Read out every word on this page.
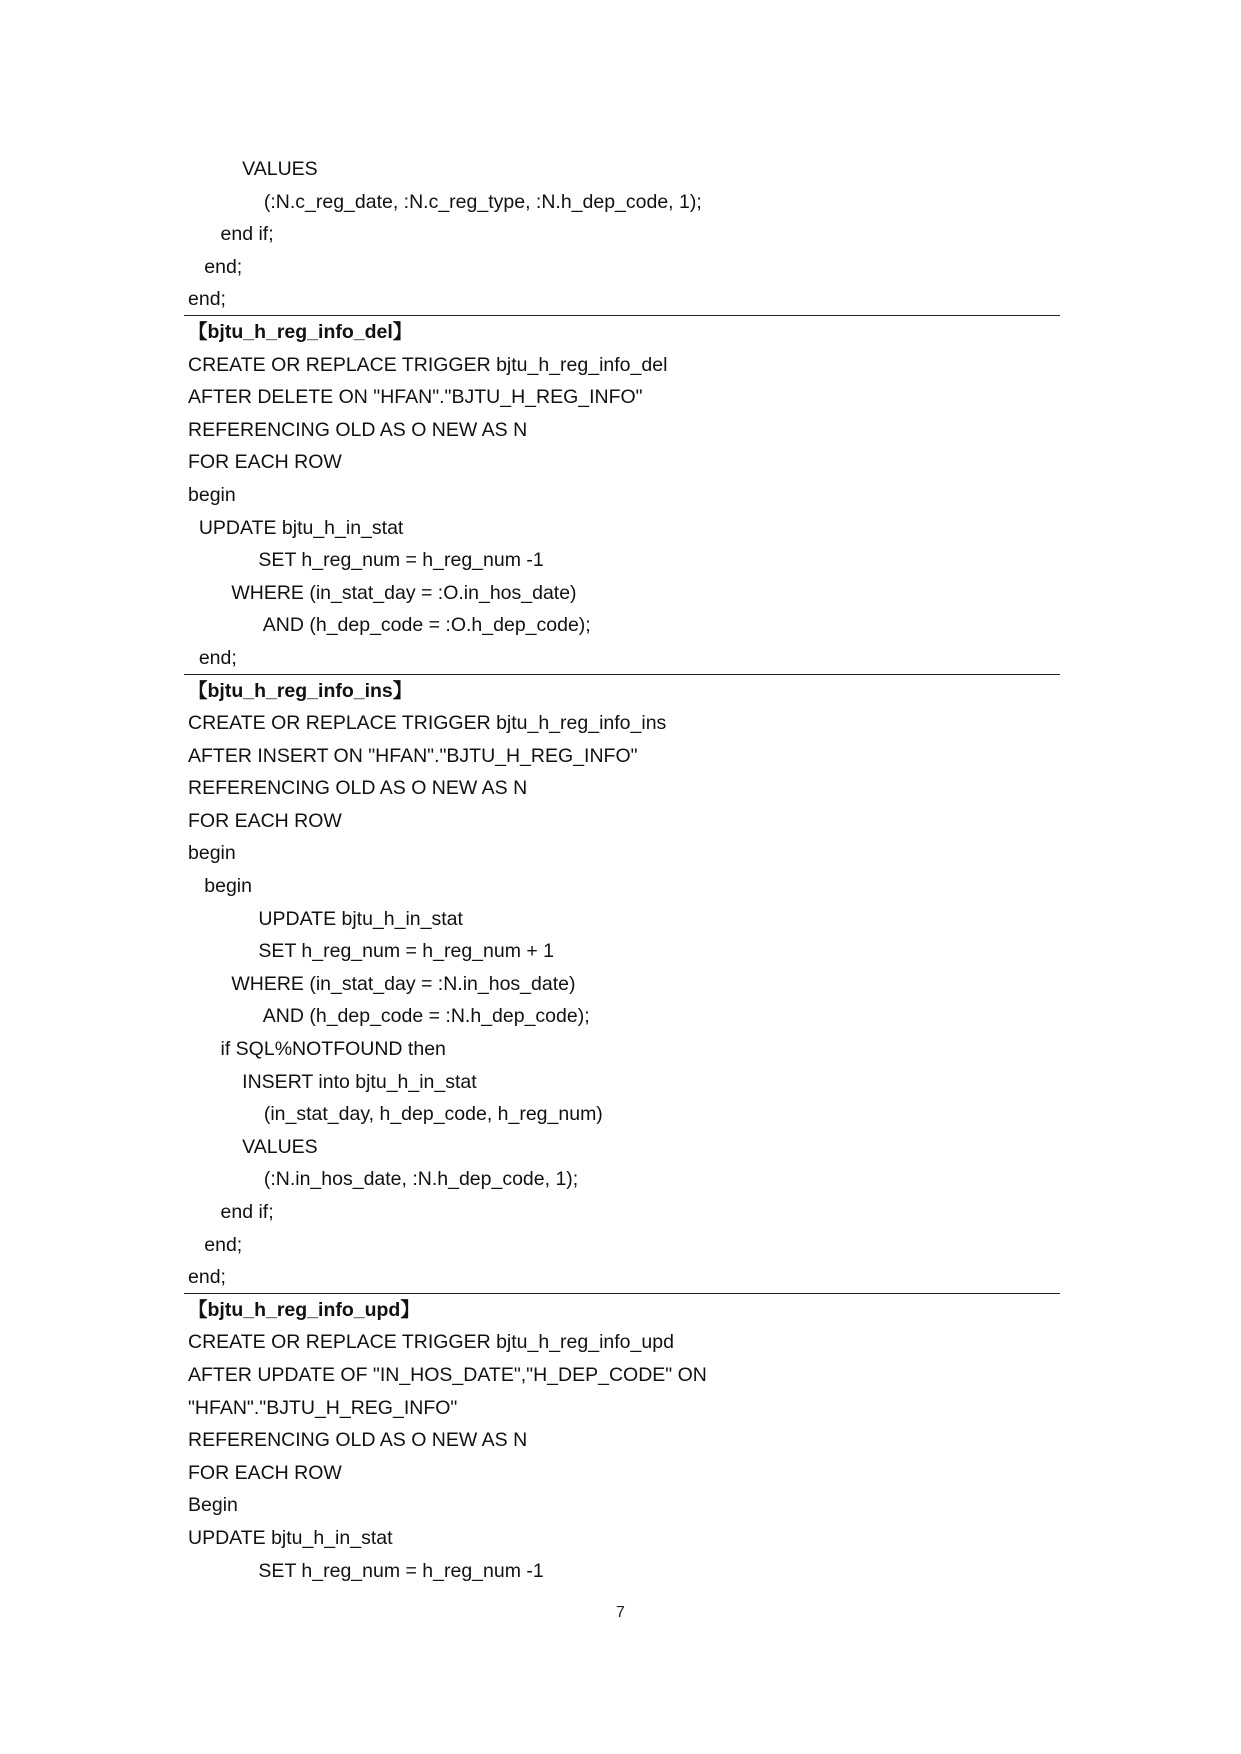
VALUES
(:N.c_reg_date, :N.c_reg_type, :N.h_dep_code, 1);
end if;
end;
end;
【bjtu_h_reg_info_del】
CREATE OR REPLACE TRIGGER bjtu_h_reg_info_del
AFTER DELETE ON "HFAN"."BJTU_H_REG_INFO"
REFERENCING OLD AS O NEW AS N
FOR EACH ROW
begin
UPDATE bjtu_h_in_stat
SET h_reg_num = h_reg_num -1
WHERE (in_stat_day = :O.in_hos_date)
AND (h_dep_code = :O.h_dep_code);
end;
【bjtu_h_reg_info_ins】
CREATE OR REPLACE TRIGGER bjtu_h_reg_info_ins
AFTER INSERT ON "HFAN"."BJTU_H_REG_INFO"
REFERENCING OLD AS O NEW AS N
FOR EACH ROW
begin
begin
UPDATE bjtu_h_in_stat
SET h_reg_num = h_reg_num + 1
WHERE (in_stat_day = :N.in_hos_date)
AND (h_dep_code = :N.h_dep_code);
if SQL%NOTFOUND then
INSERT into bjtu_h_in_stat
(in_stat_day, h_dep_code, h_reg_num)
VALUES
(:N.in_hos_date, :N.h_dep_code, 1);
end if;
end;
end;
【bjtu_h_reg_info_upd】
CREATE OR REPLACE TRIGGER bjtu_h_reg_info_upd
AFTER UPDATE OF "IN_HOS_DATE","H_DEP_CODE" ON
"HFAN"."BJTU_H_REG_INFO"
REFERENCING OLD AS O NEW AS N
FOR EACH ROW
Begin
UPDATE bjtu_h_in_stat
SET h_reg_num = h_reg_num -1
7
